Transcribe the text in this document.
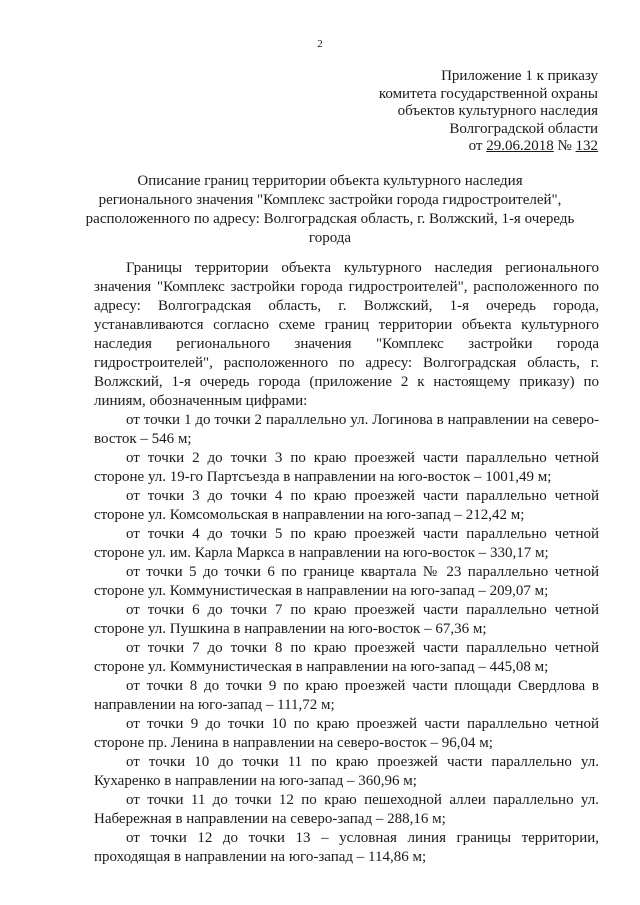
2
Приложение 1 к приказу
комитета государственной охраны
объектов культурного наследия
Волгоградской области
от 29.06.2018 № 132
Описание границ территории объекта культурного наследия
регионального значения "Комплекс застройки города гидростроителей",
расположенного по адресу: Волгоградская область, г. Волжский, 1-я очередь
города

Границы территории объекта культурного наследия регионального значения "Комплекс застройки города гидростроителей", расположенного по адресу: Волгоградская область, г. Волжский, 1-я очередь города, устанавливаются согласно схеме границ территории объекта культурного наследия регионального значения "Комплекс застройки города гидростроителей", расположенного по адресу: Волгоградская область, г. Волжский, 1-я очередь города (приложение 2 к настоящему приказу) по линиям, обозначенным цифрами:

от точки 1 до точки 2 параллельно ул. Логинова в направлении на северо-восток – 546 м;

от точки 2 до точки 3 по краю проезжей части параллельно четной стороне ул. 19-го Партсъезда в направлении на юго-восток – 1001,49 м;

от точки 3 до точки 4 по краю проезжей части параллельно четной стороне ул. Комсомольская в направлении на юго-запад – 212,42 м;

от точки 4 до точки 5 по краю проезжей части параллельно четной стороне ул. им. Карла Маркса в направлении на юго-восток – 330,17 м;

от точки 5 до точки 6 по границе квартала № 23 параллельно четной стороне ул. Коммунистическая в направлении на юго-запад – 209,07 м;

от точки 6 до точки 7 по краю проезжей части параллельно четной стороне ул. Пушкина в направлении на юго-восток – 67,36 м;

от точки 7 до точки 8 по краю проезжей части параллельно четной стороне ул. Коммунистическая в направлении на юго-запад – 445,08 м;

от точки 8 до точки 9 по краю проезжей части площади Свердлова в направлении на юго-запад – 111,72 м;

от точки 9 до точки 10 по краю проезжей части параллельно четной стороне пр. Ленина в направлении на северо-восток – 96,04 м;

от точки 10 до точки 11 по краю проезжей части параллельно ул. Кухаренко в направлении на юго-запад – 360,96 м;

от точки 11 до точки 12 по краю пешеходной аллеи параллельно ул. Набережная в направлении на северо-запад – 288,16 м;

от точки 12 до точки 13 – условная линия границы территории, проходящая в направлении на юго-запад – 114,86 м;
